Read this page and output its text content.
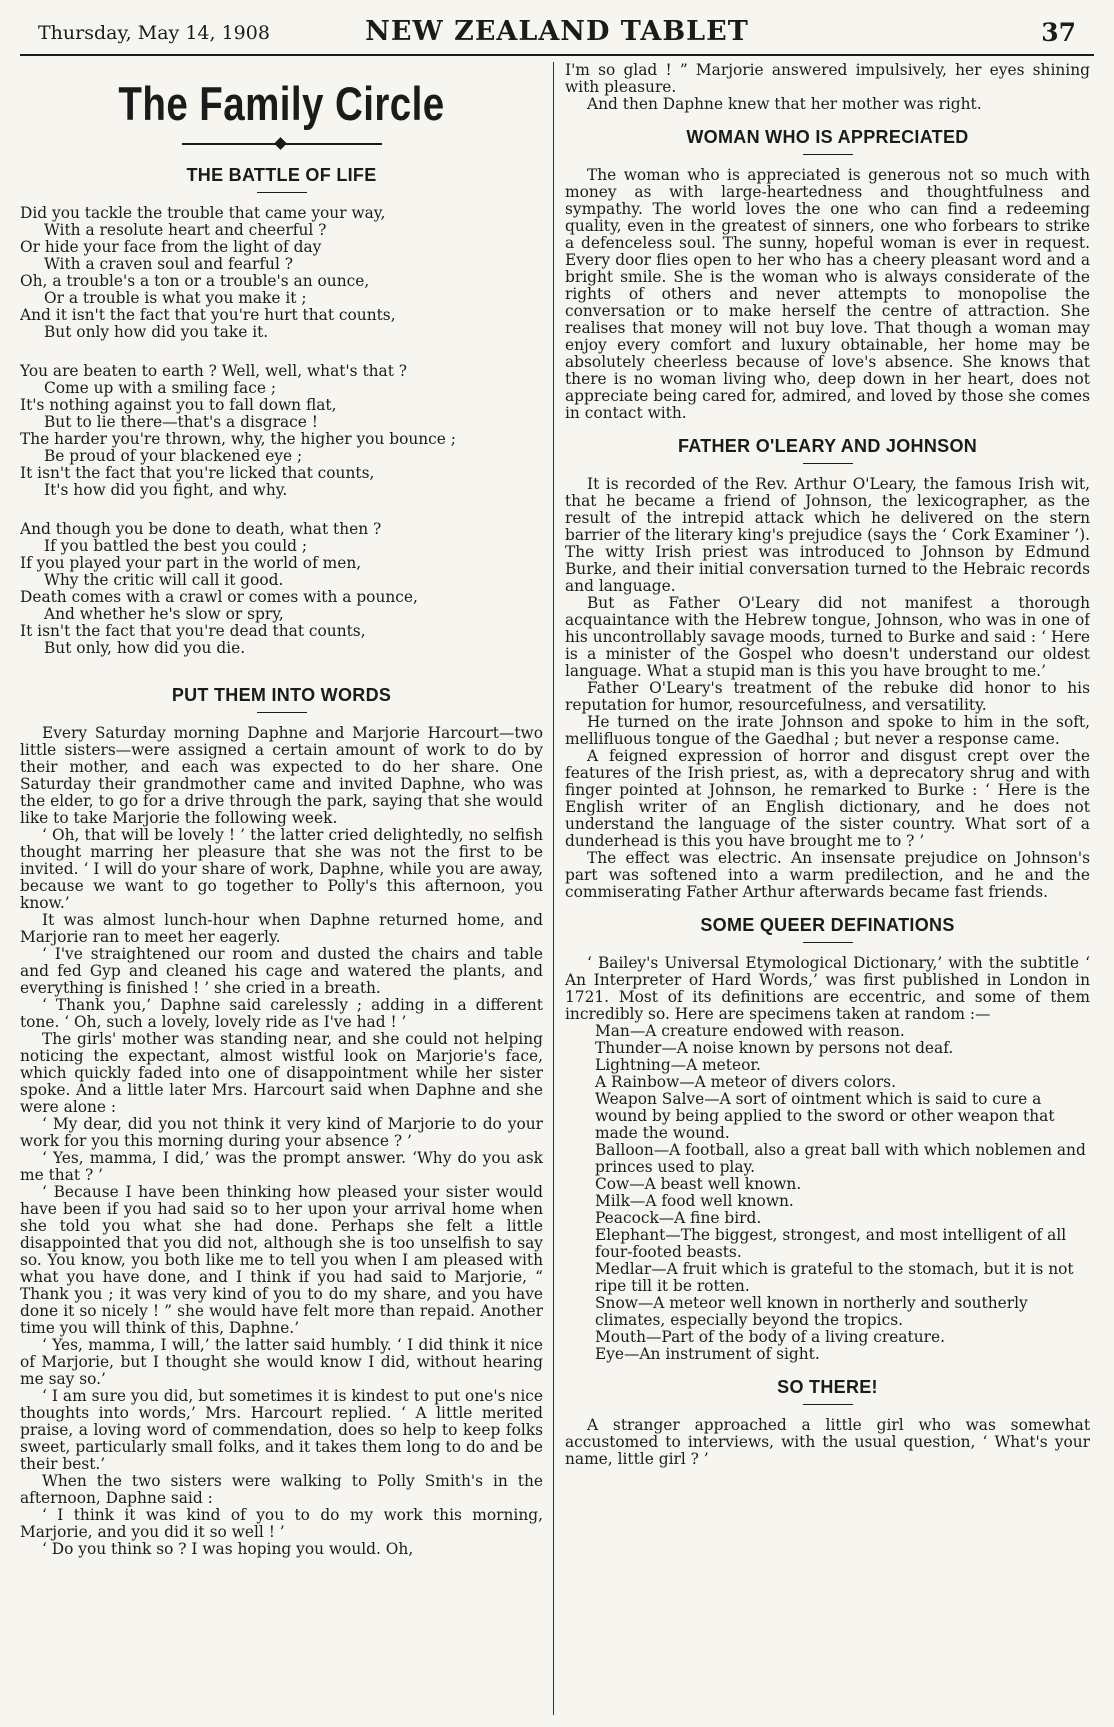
Thursday, May 14, 1908	NEW ZEALAND TABLET	37
The Family Circle
THE BATTLE OF LIFE
Did you tackle the trouble that came your way,
With a resolute heart and cheerful ?
Or hide your face from the light of day
With a craven soul and fearful ?
Oh, a trouble's a ton or a trouble's an ounce,
Or a trouble is what you make it ;
And it isn't the fact that you're hurt that counts,
But only how did you take it.
You are beaten to earth ? Well, well, what's that ?
Come up with a smiling face ;
It's nothing against you to fall down flat,
But to lie there—that's a disgrace !
The harder you're thrown, why, the higher you bounce ;
Be proud of your blackened eye ;
It isn't the fact that you're licked that counts,
It's how did you fight, and why.
And though you be done to death, what then ?
If you battled the best you could ;
If you played your part in the world of men,
Why the critic will call it good.
Death comes with a crawl or comes with a pounce,
And whether he's slow or spry,
It isn't the fact that you're dead that counts,
But only, how did you die.
PUT THEM INTO WORDS

Every Saturday morning Daphne and Marjorie Harcourt—two little sisters—were assigned a certain amount of work to do by their mother, and each was expected to do her share. One Saturday their grandmother came and invited Daphne, who was the elder, to go for a drive through the park, saying that she would like to take Marjorie the following week.

‘ Oh, that will be lovely ! ’ the latter cried delightedly, no selfish thought marring her pleasure that she was not the first to be invited. ‘ I will do your share of work, Daphne, while you are away, because we want to go together to Polly's this afternoon, you know.’

It was almost lunch-hour when Daphne returned home, and Marjorie ran to meet her eagerly.

‘ I've straightened our room and dusted the chairs and table and fed Gyp and cleaned his cage and watered the plants, and everything is finished ! ’ she cried in a breath.

‘ Thank you,’ Daphne said carelessly ; adding in a different tone. ‘ Oh, such a lovely, lovely ride as I've had ! ’

The girls' mother was standing near, and she could not helping noticing the expectant, almost wistful look on Marjorie's face, which quickly faded into one of disappointment while her sister spoke. And a little later Mrs. Harcourt said when Daphne and she were alone :

‘ My dear, did you not think it very kind of Marjorie to do your work for you this morning during your absence ? ’

‘ Yes, mamma, I did,’ was the prompt answer. ‘Why do you ask me that ? ’

‘ Because I have been thinking how pleased your sister would have been if you had said so to her upon your arrival home when she told you what she had done. Perhaps she felt a little disappointed that you did not, although she is too unselfish to say so. You know, you both like me to tell you when I am pleased with what you have done, and I think if you had said to Marjorie, “ Thank you ; it was very kind of you to do my share, and you have done it so nicely ! ” she would have felt more than repaid. Another time you will think of this, Daphne.’

‘ Yes, mamma, I will,’ the latter said humbly. ‘ I did think it nice of Marjorie, but I thought she would know I did, without hearing me say so.’

‘ I am sure you did, but sometimes it is kindest to put one's nice thoughts into words,’ Mrs. Harcourt replied. ‘ A little merited praise, a loving word of commendation, does so help to keep folks sweet, particularly small folks, and it takes them long to do and be their best.’

When the two sisters were walking to Polly Smith's in the afternoon, Daphne said :

‘ I think it was kind of you to do my work this morning, Marjorie, and you did it so well ! ’

‘ Do you think so ? I was hoping you would. Oh,

I'm so glad ! ” Marjorie answered impulsively, her eyes shining with pleasure.

And then Daphne knew that her mother was right.

WOMAN WHO IS APPRECIATED

The woman who is appreciated is generous not so much with money as with large-heartedness and thoughtfulness and sympathy. The world loves the one who can find a redeeming quality, even in the greatest of sinners, one who forbears to strike a defenceless soul. The sunny, hopeful woman is ever in request. Every door flies open to her who has a cheery pleasant word and a bright smile. She is the woman who is always considerate of the rights of others and never attempts to monopolise the conversation or to make herself the centre of attraction. She realises that money will not buy love. That though a woman may enjoy every comfort and luxury obtainable, her home may be absolutely cheerless because of love's absence. She knows that there is no woman living who, deep down in her heart, does not appreciate being cared for, admired, and loved by those she comes in contact with.

FATHER O'LEARY AND JOHNSON

It is recorded of the Rev. Arthur O'Leary, the famous Irish wit, that he became a friend of Johnson, the lexicographer, as the result of the intrepid attack which he delivered on the stern barrier of the literary king's prejudice (says the ‘ Cork Examiner ’). The witty Irish priest was introduced to Johnson by Edmund Burke, and their initial conversation turned to the Hebraic records and language.

But as Father O'Leary did not manifest a thorough acquaintance with the Hebrew tongue, Johnson, who was in one of his uncontrollably savage moods, turned to Burke and said : ‘ Here is a minister of the Gospel who doesn't understand our oldest language. What a stupid man is this you have brought to me.’

Father O'Leary's treatment of the rebuke did honor to his reputation for humor, resourcefulness, and versatility.

He turned on the irate Johnson and spoke to him in the soft, mellifluous tongue of the Gaedhal ; but never a response came.

A feigned expression of horror and disgust crept over the features of the Irish priest, as, with a deprecatory shrug and with finger pointed at Johnson, he remarked to Burke : ‘ Here is the English writer of an English dictionary, and he does not understand the language of the sister country. What sort of a dunderhead is this you have brought me to ? ’

The effect was electric. An insensate prejudice on Johnson's part was softened into a warm predilection, and he and the commiserating Father Arthur afterwards became fast friends.

SOME QUEER DEFINATIONS

‘ Bailey's Universal Etymological Dictionary,’ with the subtitle ‘ An Interpreter of Hard Words,’ was first published in London in 1721. Most of its definitions are eccentric, and some of them incredibly so. Here are specimens taken at random :—

Man—A creature endowed with reason.
Thunder—A noise known by persons not deaf.
Lightning—A meteor.
A Rainbow—A meteor of divers colors.
Weapon Salve—A sort of ointment which is said to cure a wound by being applied to the sword or other weapon that made the wound.
Balloon—A football, also a great ball with which noblemen and princes used to play.
Cow—A beast well known.
Milk—A food well known.
Peacock—A fine bird.
Elephant—The biggest, strongest, and most intelligent of all four-footed beasts.
Medlar—A fruit which is grateful to the stomach, but it is not ripe till it be rotten.
Snow—A meteor well known in northerly and southerly climates, especially beyond the tropics.
Mouth—Part of the body of a living creature.
Eye—An instrument of sight.
SO THERE!

A stranger approached a little girl who was somewhat accustomed to interviews, with the usual question, ‘ What's your name, little girl ? ’
